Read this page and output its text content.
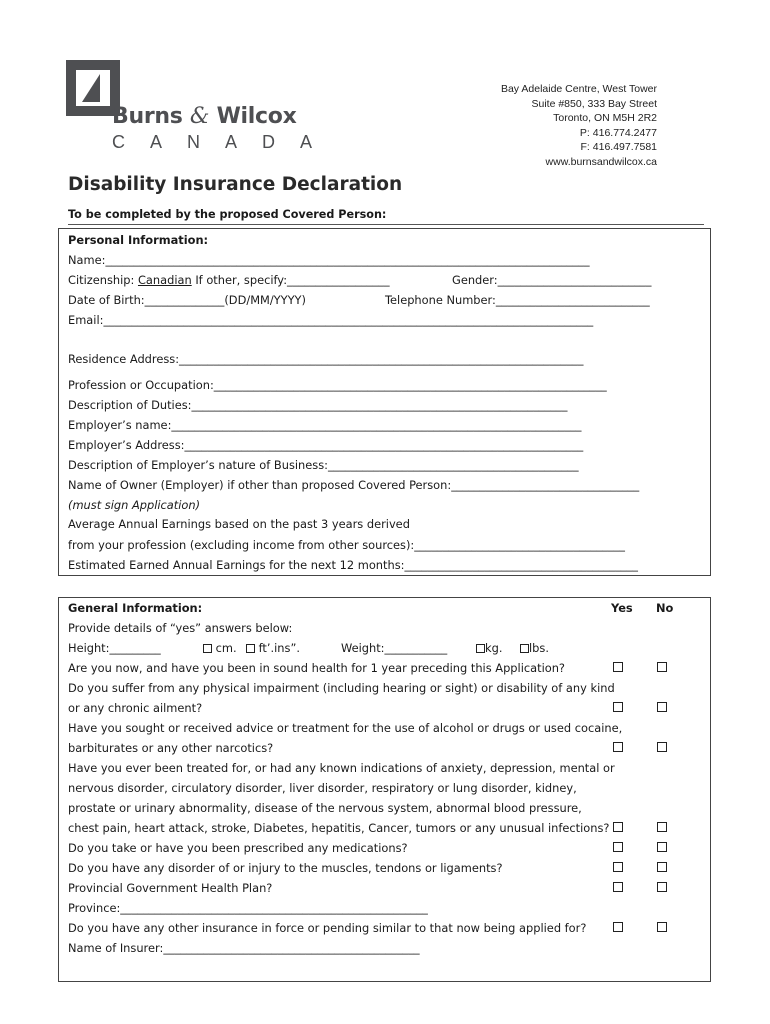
Burns & Wilcox
CANADA
Bay Adelaide Centre, West Tower
Suite #850, 333 Bay Street
Toronto, ON M5H 2R2
P: 416.774.2477
F: 416.497.7581
www.burnsandwilcox.ca
Disability Insurance Declaration
To be completed by the proposed Covered Person:
Personal Information:
Name:_____________________________________________________________________________________
Citizenship: Canadian If other, specify:__________________	Gender:___________________________
Date of Birth:______________(DD/MM/YYYY)	Telephone Number:___________________________
Email:______________________________________________________________________________________
Residence Address:_______________________________________________________________________
Profession or Occupation:_____________________________________________________________________
Description of Duties:__________________________________________________________________
Employer’s name:________________________________________________________________________
Employer’s Address:______________________________________________________________________
Description of Employer’s nature of Business:____________________________________________
Name of Owner (Employer) if other than proposed Covered Person:_________________________________
(must sign Application)
Average Annual Earnings based on the past 3 years derived
from your profession (excluding income from other sources):_____________________________________
Estimated Earned Annual Earnings for the next 12 months:_________________________________________
General Information:	Yes No
Provide details of “yes” answers below:
Height:_________	cm.	ft’.ins”.	Weight:___________	kg.	lbs.
Are you now, and have you been in sound health for 1 year preceding this Application?
Do you suffer from any physical impairment (including hearing or sight) or disability of any kind
or any chronic ailment?
Have you sought or received advice or treatment for the use of alcohol or drugs or used cocaine,
barbiturates or any other narcotics?
Have you ever been treated for, or had any known indications of anxiety, depression, mental or
nervous disorder, circulatory disorder, liver disorder, respiratory or lung disorder, kidney,
prostate or urinary abnormality, disease of the nervous system, abnormal blood pressure,
chest pain, heart attack, stroke, Diabetes, hepatitis, Cancer, tumors or any unusual infections?
Do you take or have you been prescribed any medications?
Do you have any disorder of or injury to the muscles, tendons or ligaments?
Provincial Government Health Plan?
Province:______________________________________________________
Do you have any other insurance in force or pending similar to that now being applied for?
Name of Insurer:_____________________________________________
